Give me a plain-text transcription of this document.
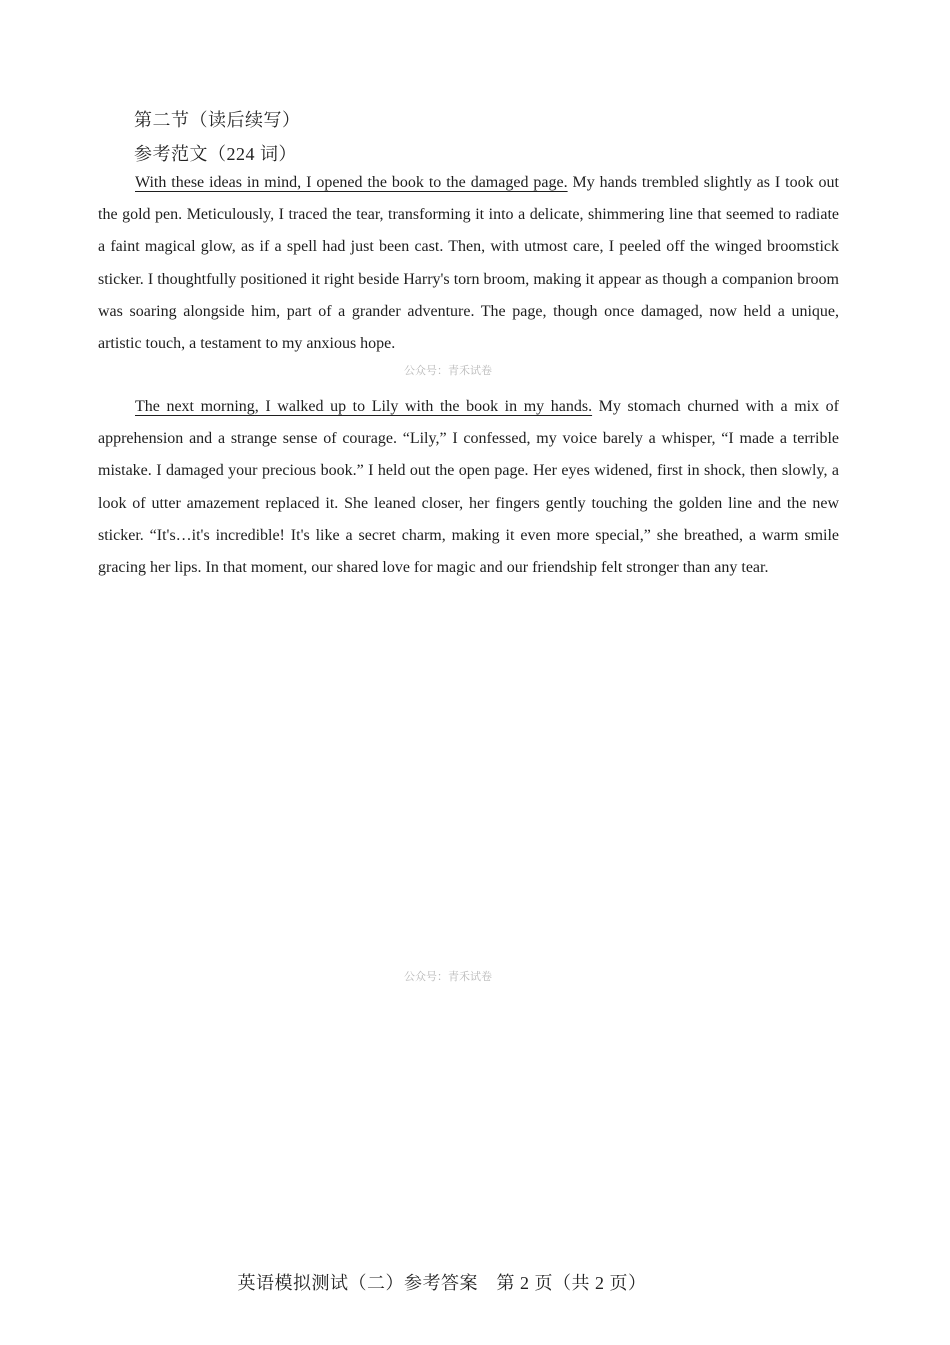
第二节（读后续写）
参考范文（224 词）

With these ideas in mind, I opened the book to the damaged page. My hands trembled slightly as I took out the gold pen. Meticulously, I traced the tear, transforming it into a delicate, shimmering line that seemed to radiate a faint magical glow, as if a spell had just been cast. Then, with utmost care, I peeled off the winged broomstick sticker. I thoughtfully positioned it right beside Harry's torn broom, making it appear as though a companion broom was soaring alongside him, part of a grander adventure. The page, though once damaged, now held a unique, artistic touch, a testament to my anxious hope.

公众号：青禾试卷

The next morning, I walked up to Lily with the book in my hands. My stomach churned with a mix of apprehension and a strange sense of courage. “Lily,” I confessed, my voice barely a whisper, “I made a terrible mistake. I damaged your precious book.” I held out the open page. Her eyes widened, first in shock, then slowly, a look of utter amazement replaced it. She leaned closer, her fingers gently touching the golden line and the new sticker. “It's…it's incredible! It's like a secret charm, making it even more special,” she breathed, a warm smile gracing her lips. In that moment, our shared love for magic and our friendship felt stronger than any tear.

公众号：青禾试卷
英语模拟测试（二）参考答案　第 2 页（共 2 页）
